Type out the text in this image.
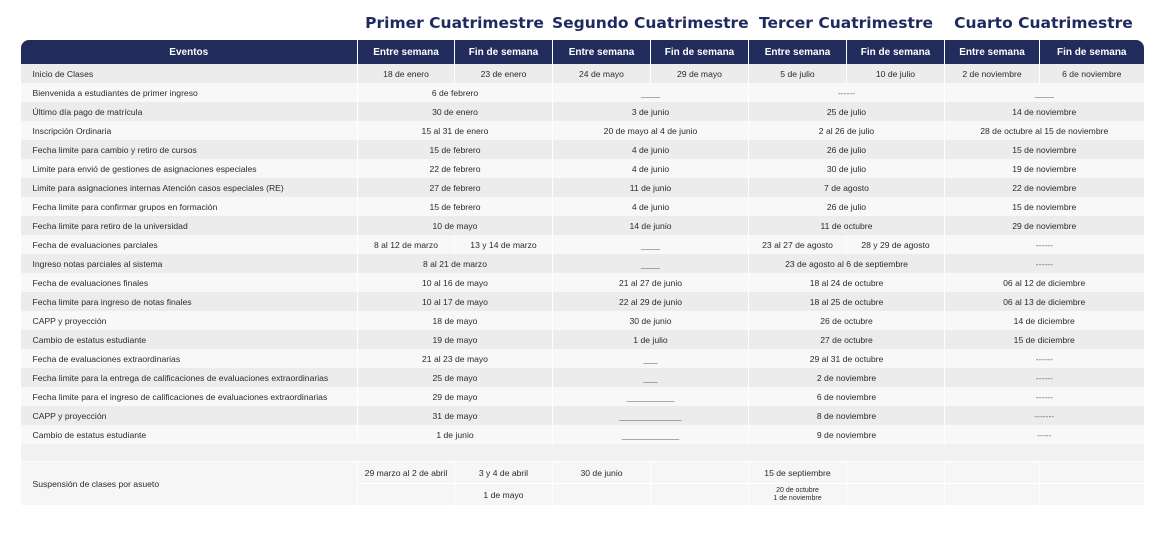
Primer Cuatrimestre Segundo Cuatrimestre Tercer Cuatrimestre	Cuarto Cuatrimestre
Eventos	Entre semana	Fin de semana	Entre semana	Fin de semana	Entre semana	Fin de semana	Entre semana	Fin de semana
Inicio de Clases	18 de enero	23 de enero	24 de mayo	29 de mayo	5 de julio	10 de julio	2 de noviembre	6 de noviembre
Bienvenida a estudiantes de primer ingreso	6 de febrero		____		------		____	
Último día pago de matrícula	30 de enero		3 de junio		25 de julio		14 de noviembre	
Inscripción Ordinaria	15 al 31 de enero		20 de mayo al 4 de junio		2 al 26 de julio		28 de octubre al 15 de noviembre	
Fecha limite para cambio y retiro de cursos	15 de febrero		4 de junio		26 de julio		15 de noviembre	
Limite para envió de gestiones de asignaciones especiales	22 de febrero		4 de junio		30 de julio		19 de noviembre	
Limite para asignaciones internas Atención casos especiales (RE)	27 de febrero		11 de junio		7 de agosto		22 de noviembre	
Fecha limite para confirmar grupos en formación	15 de febrero		4 de junio		26 de julio		15 de noviembre	
Fecha limite para retiro de la universidad	10 de mayo		14 de junio		11 de octubre		29 de noviembre	
Fecha de evaluaciones parciales	8 al 12 de marzo	13 y 14 de marzo	____		23 al 27 de agosto	28 y 29 de agosto	------	
Ingreso notas parciales al sistema	8 al 21 de marzo		____		23 de agosto al 6 de septiembre		------	
Fecha de evaluaciones finales	10 al 16 de mayo		21 al 27 de junio		18 al 24 de octubre		06 al 12 de diciembre	
Fecha limite para ingreso de notas finales	10 al 17 de mayo		22 al 29 de junio		18 al 25 de octubre		06 al 13 de diciembre	
CAPP y proyección	18 de mayo		30 de junio		26 de octubre		14 de diciembre	
Cambio de estatus estudiante	19 de mayo		1 de julio		27 de octubre		15 de diciembre	
Fecha de evaluaciones extraordinarias	21 al 23 de mayo		___		29 al 31 de octubre		------	
Fecha limite para la entrega de calificaciones de evaluaciones extraordinarias	25 de mayo		___		2 de noviembre		------	
Fecha limite para el ingreso de calificaciones de evaluaciones extraordinarias	29 de mayo		__________		6 de noviembre		------	
CAPP y proyección	31 de mayo		_____________		8 de noviembre		-------	
Cambio de estatus estudiante	1 de junio		____________		9 de noviembre		-----	

Suspensión de clases por asueto	29 marzo al 2 de abril	3 y 4 de abril	30 de junio		15 de septiembre			
		1 de mayo			20 de octubre
1 de noviembre			
